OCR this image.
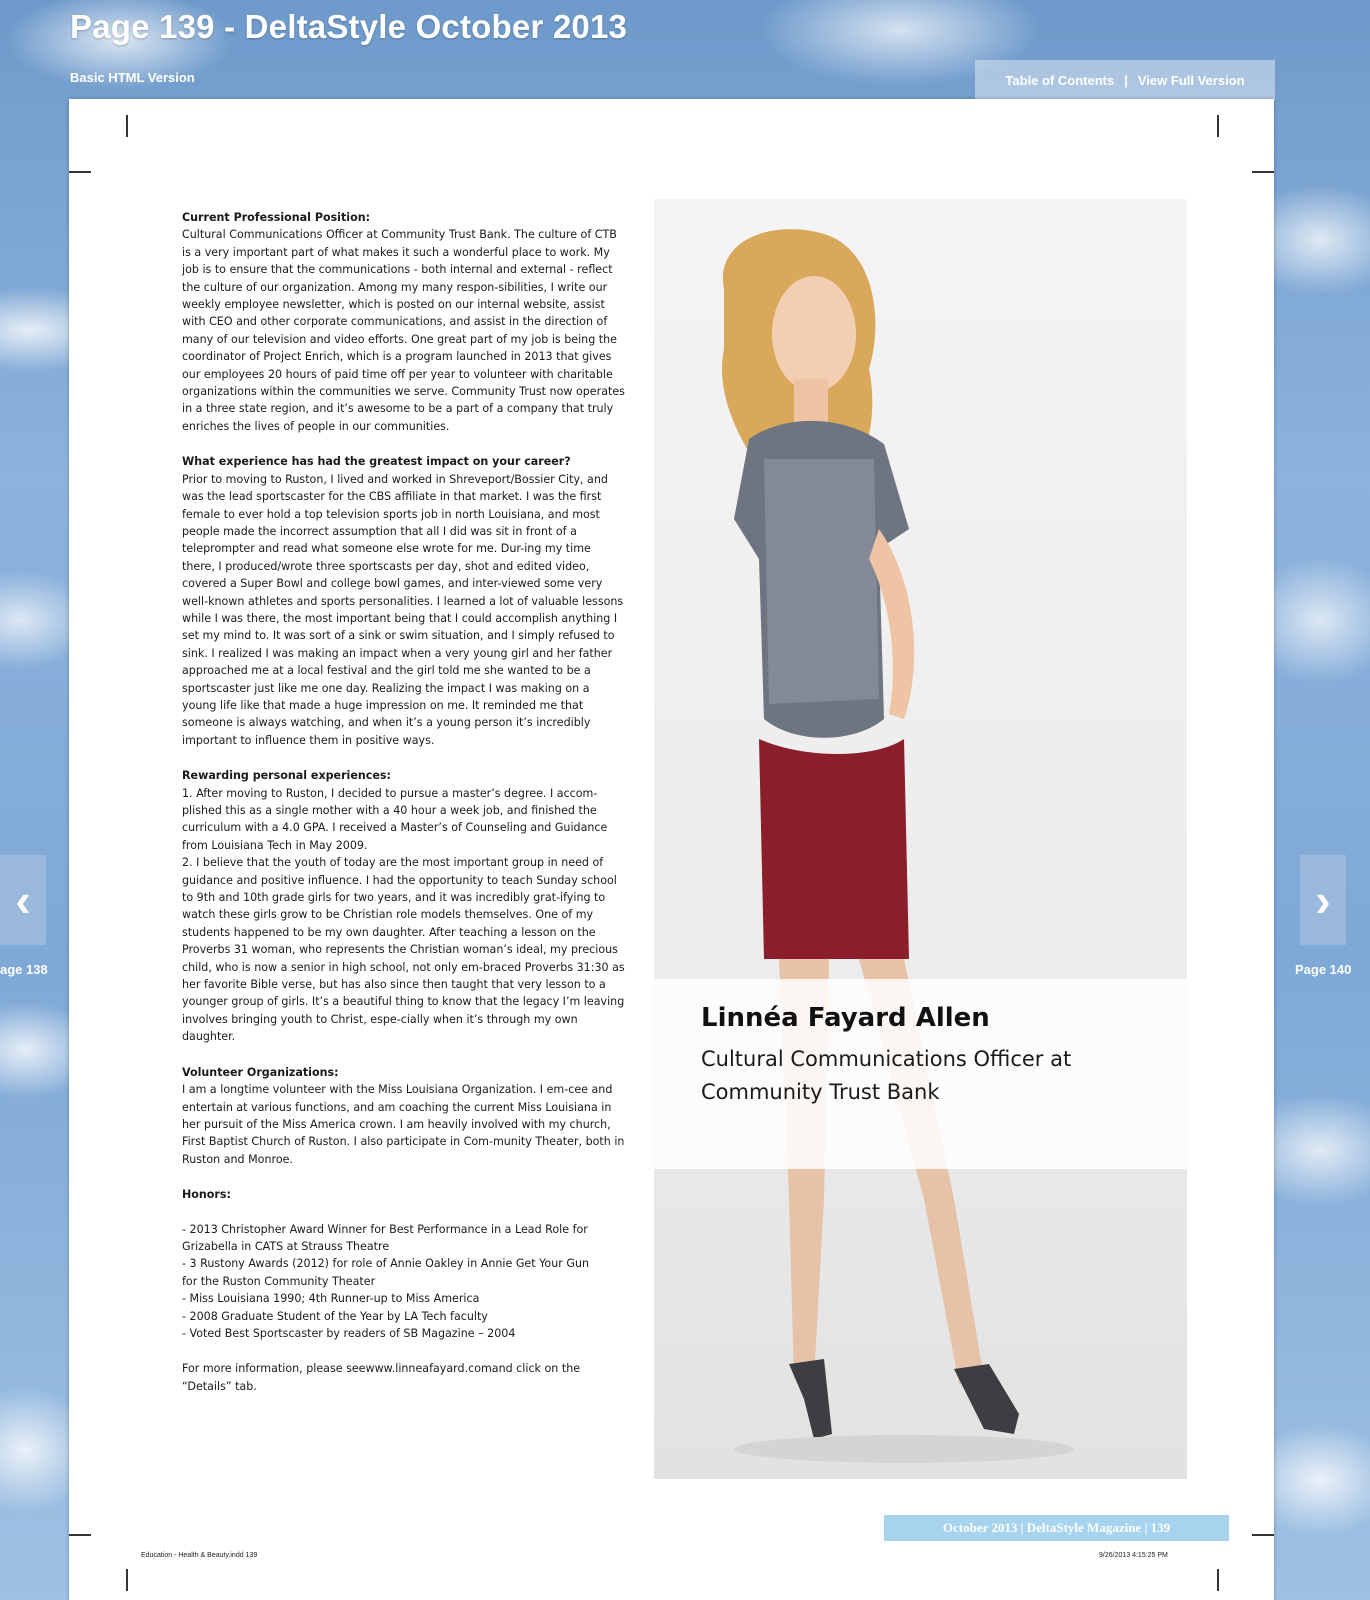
Page 139 - DeltaStyle October 2013
Basic HTML Version	Table of Contents | View Full Version
‹
age 138
›
Page 140
Current Professional Position:
Cultural Communications Officer at Community Trust Bank. The culture of CTB is a very important part of what makes it such a wonderful place to work. My job is to ensure that the communications - both internal and external - reflect the culture of our organization. Among my many respon-sibilities, I write our weekly employee newsletter, which is posted on our internal website, assist with CEO and other corporate communications, and assist in the direction of many of our television and video efforts. One great part of my job is being the coordinator of Project Enrich, which is a program launched in 2013 that gives our employees 20 hours of paid time off per year to volunteer with charitable organizations within the communities we serve. Community Trust now operates in a three state region, and it’s awesome to be a part of a company that truly enriches the lives of people in our communities.
What experience has had the greatest impact on your career?
Prior to moving to Ruston, I lived and worked in Shreveport/Bossier City, and was the lead sportscaster for the CBS affiliate in that market. I was the first female to ever hold a top television sports job in north Louisiana, and most people made the incorrect assumption that all I did was sit in front of a teleprompter and read what someone else wrote for me. Dur-ing my time there, I produced/wrote three sportscasts per day, shot and edited video, covered a Super Bowl and college bowl games, and inter-viewed some very well-known athletes and sports personalities. I learned a lot of valuable lessons while I was there, the most important being that I could accomplish anything I set my mind to. It was sort of a sink or swim situation, and I simply refused to sink. I realized I was making an impact when a very young girl and her father approached me at a local festival and the girl told me she wanted to be a sportscaster just like me one day. Realizing the impact I was making on a young life like that made a huge impression on me. It reminded me that someone is always watching, and when it’s a young person it’s incredibly important to influence them in positive ways.
Rewarding personal experiences:
1. After moving to Ruston, I decided to pursue a master’s degree. I accom-plished this as a single mother with a 40 hour a week job, and finished the curriculum with a 4.0 GPA. I received a Master’s of Counseling and Guidance from Louisiana Tech in May 2009.
2. I believe that the youth of today are the most important group in need of guidance and positive influence. I had the opportunity to teach Sunday school to 9th and 10th grade girls for two years, and it was incredibly grat-ifying to watch these girls grow to be Christian role models themselves. One of my students happened to be my own daughter. After teaching a lesson on the Proverbs 31 woman, who represents the Christian woman’s ideal, my precious child, who is now a senior in high school, not only em-braced Proverbs 31:30 as her favorite Bible verse, but has also since then taught that very lesson to a younger group of girls. It’s a beautiful thing to know that the legacy I’m leaving involves bringing youth to Christ, espe-cially when it’s through my own daughter.
Volunteer Organizations:
I am a longtime volunteer with the Miss Louisiana Organization. I em-cee and entertain at various functions, and am coaching the current Miss Louisiana in her pursuit of the Miss America crown. I am heavily involved with my church, First Baptist Church of Ruston. I also participate in Com-munity Theater, both in Ruston and Monroe.
Honors:
- 2013 Christopher Award Winner for Best Performance in a Lead Role for
Grizabella in CATS at Strauss Theatre
- 3 Rustony Awards (2012) for role of Annie Oakley in Annie Get Your Gun
for the Ruston Community Theater
- Miss Louisiana 1990; 4th Runner-up to Miss America
- 2008 Graduate Student of the Year by LA Tech faculty
- Voted Best Sportscaster by readers of SB Magazine – 2004
For more information, please seewww.linneafayard.comand click on the “Details” tab.
Linnéa Fayard Allen
Cultural Communications Officer at Community Trust Bank
October 2013 | DeltaStyle Magazine | 139
Education - Health & Beauty.indd 139	9/26/2013 4:15:25 PM
